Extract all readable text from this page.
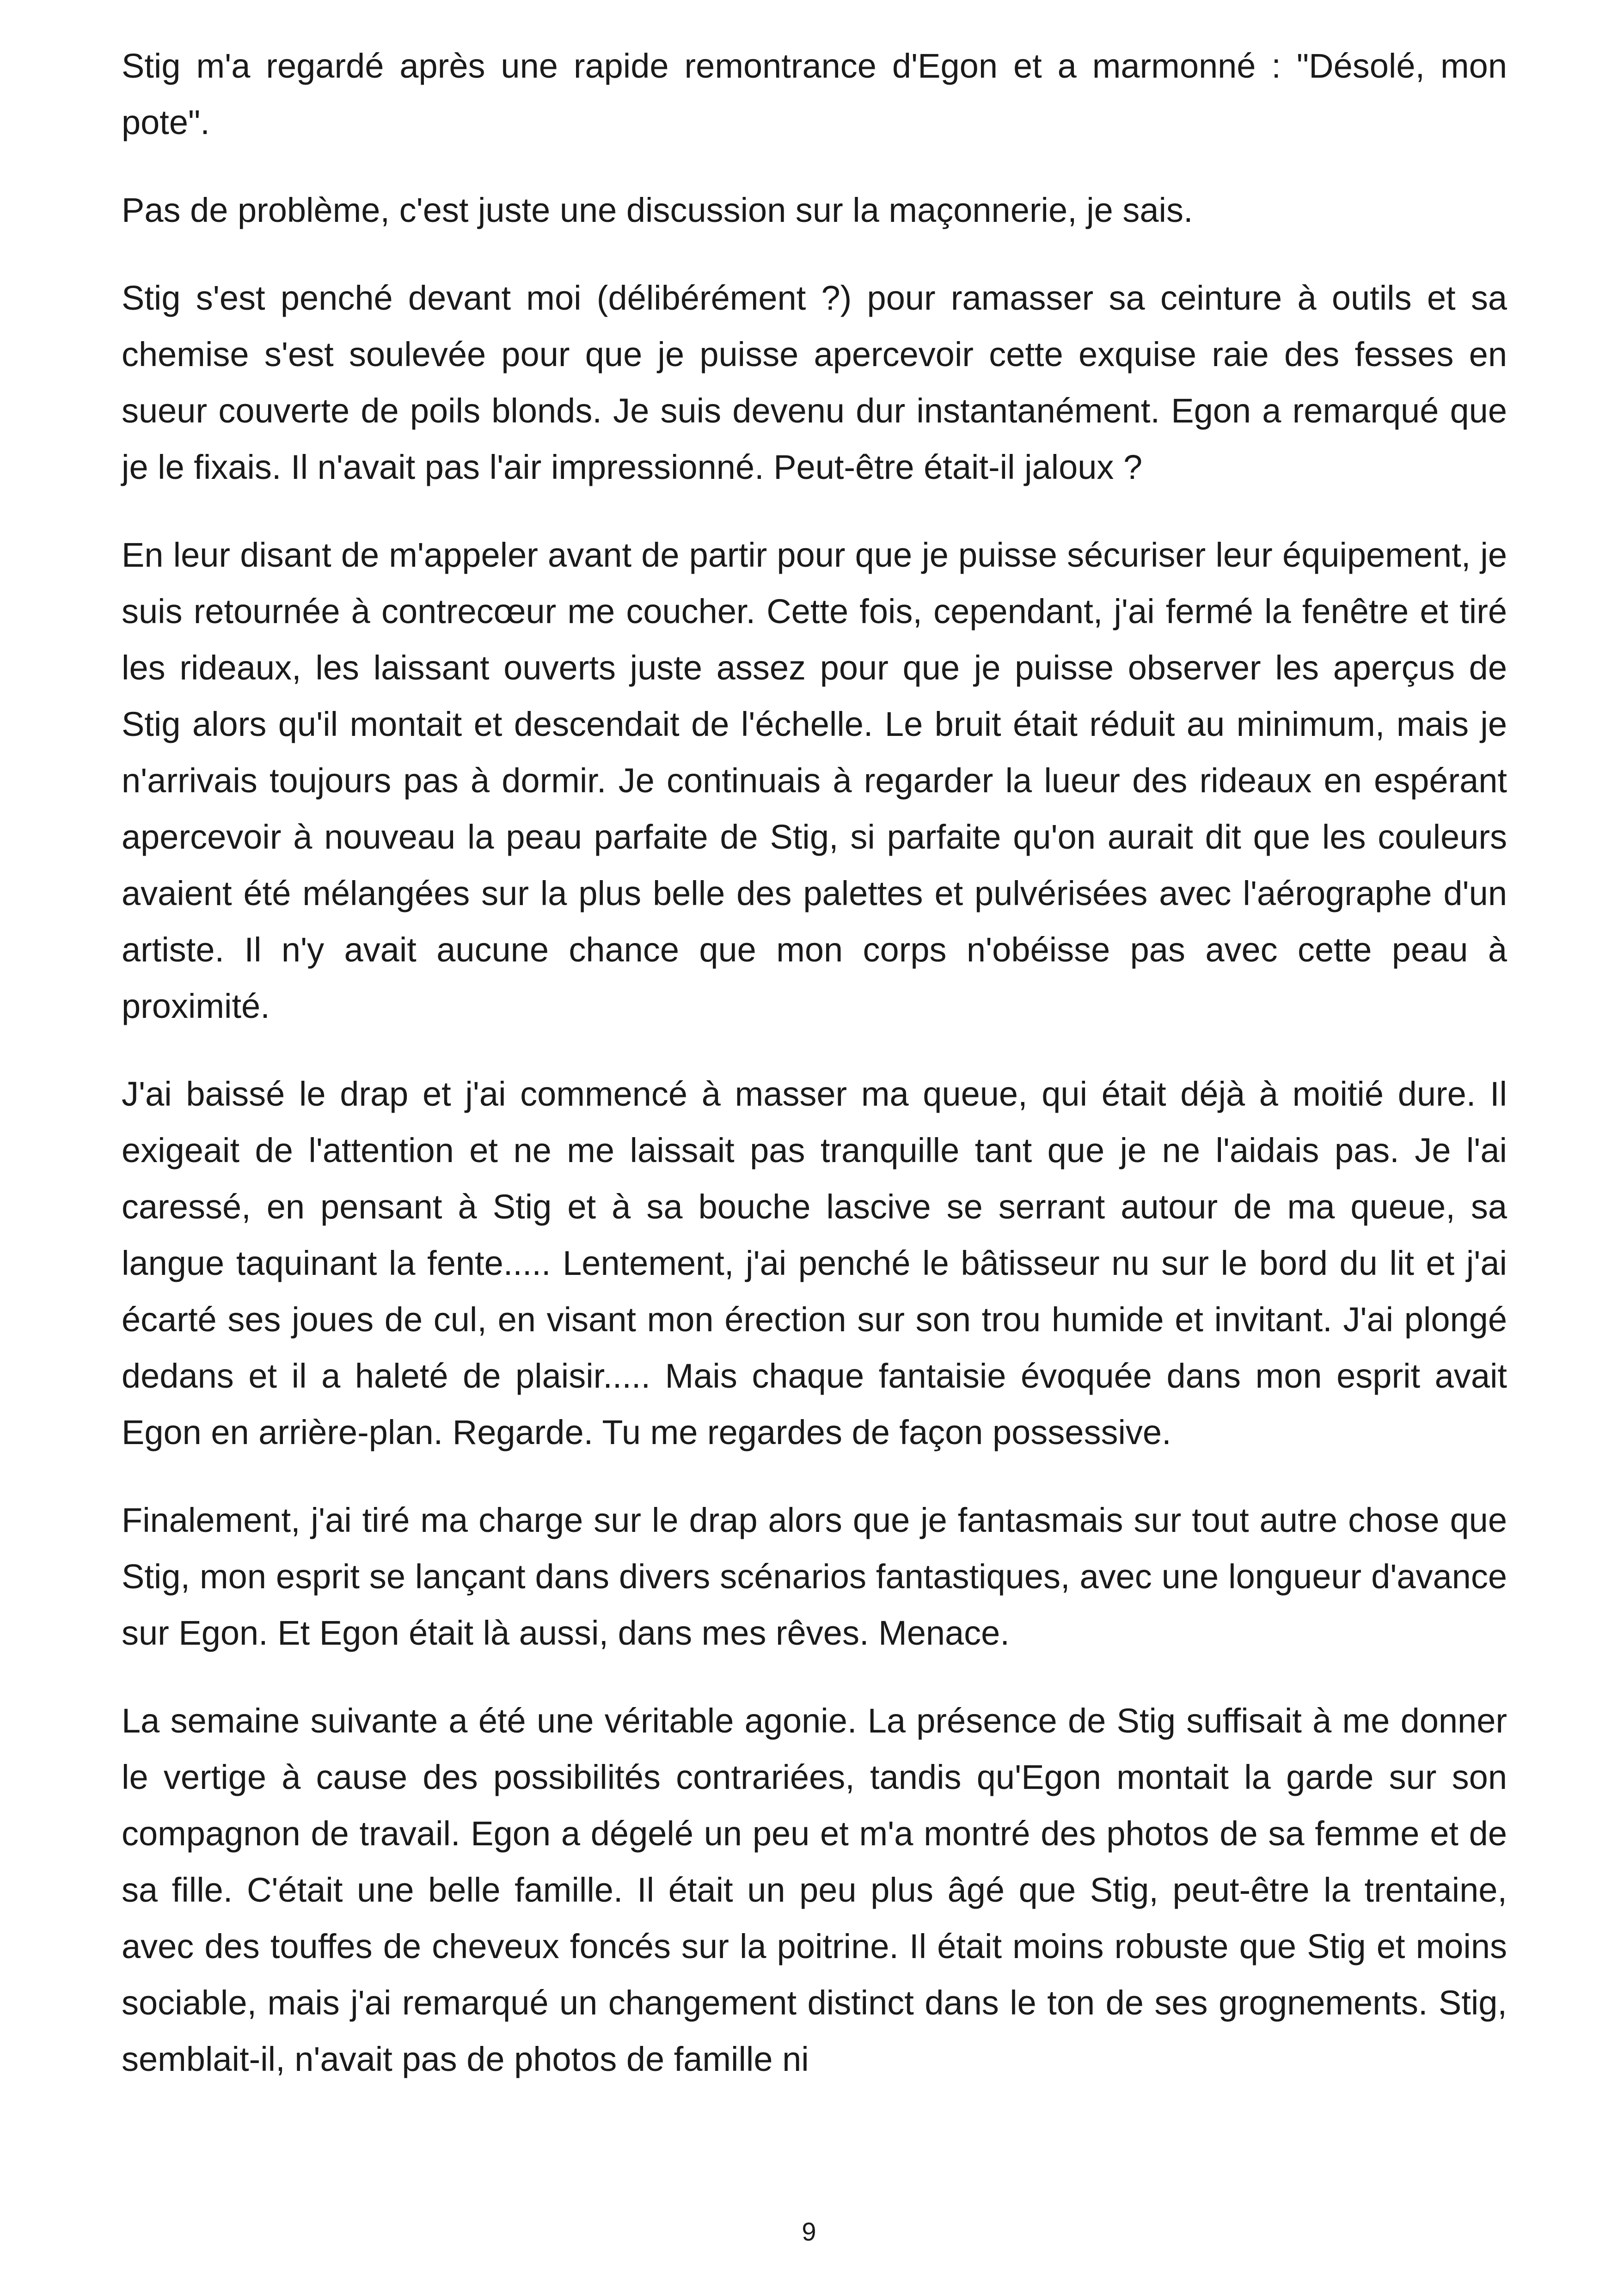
Stig m'a regardé après une rapide remontrance d'Egon et a marmonné : "Désolé, mon pote".

Pas de problème, c'est juste une discussion sur la maçonnerie, je sais.

Stig s'est penché devant moi (délibérément ?) pour ramasser sa ceinture à outils et sa chemise s'est soulevée pour que je puisse apercevoir cette exquise raie des fesses en sueur couverte de poils blonds. Je suis devenu dur instantanément. Egon a remarqué que je le fixais. Il n'avait pas l'air impressionné. Peut-être était-il jaloux ?

En leur disant de m'appeler avant de partir pour que je puisse sécuriser leur équipement, je suis retournée à contrecœur me coucher. Cette fois, cependant, j'ai fermé la fenêtre et tiré les rideaux, les laissant ouverts juste assez pour que je puisse observer les aperçus de Stig alors qu'il montait et descendait de l'échelle. Le bruit était réduit au minimum, mais je n'arrivais toujours pas à dormir. Je continuais à regarder la lueur des rideaux en espérant apercevoir à nouveau la peau parfaite de Stig, si parfaite qu'on aurait dit que les couleurs avaient été mélangées sur la plus belle des palettes et pulvérisées avec l'aérographe d'un artiste. Il n'y avait aucune chance que mon corps n'obéisse pas avec cette peau à proximité.

J'ai baissé le drap et j'ai commencé à masser ma queue, qui était déjà à moitié dure. Il exigeait de l'attention et ne me laissait pas tranquille tant que je ne l'aidais pas. Je l'ai caressé, en pensant à Stig et à sa bouche lascive se serrant autour de ma queue, sa langue taquinant la fente..... Lentement, j'ai penché le bâtisseur nu sur le bord du lit et j'ai écarté ses joues de cul, en visant mon érection sur son trou humide et invitant. J'ai plongé dedans et il a haleté de plaisir..... Mais chaque fantaisie évoquée dans mon esprit avait Egon en arrière-plan. Regarde. Tu me regardes de façon possessive.

Finalement, j'ai tiré ma charge sur le drap alors que je fantasmais sur tout autre chose que Stig, mon esprit se lançant dans divers scénarios fantastiques, avec une longueur d'avance sur Egon. Et Egon était là aussi, dans mes rêves. Menace.

La semaine suivante a été une véritable agonie. La présence de Stig suffisait à me donner le vertige à cause des possibilités contrariées, tandis qu'Egon montait la garde sur son compagnon de travail. Egon a dégelé un peu et m'a montré des photos de sa femme et de sa fille. C'était une belle famille. Il était un peu plus âgé que Stig, peut-être la trentaine, avec des touffes de cheveux foncés sur la poitrine. Il était moins robuste que Stig et moins sociable, mais j'ai remarqué un changement distinct dans le ton de ses grognements. Stig, semblait-il, n'avait pas de photos de famille ni

9
